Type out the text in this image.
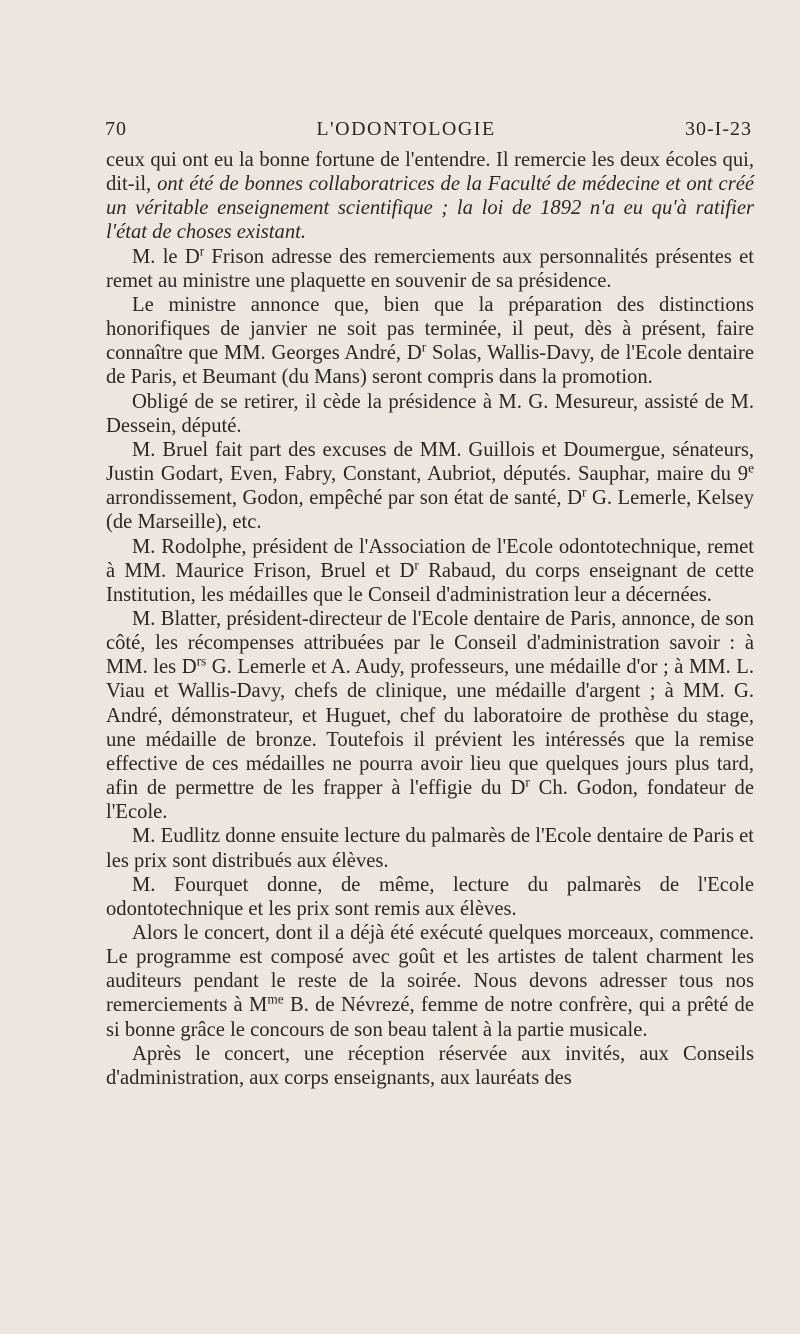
70	L'ODONTOLOGIE	30-I-23

ceux qui ont eu la bonne fortune de l'entendre. Il remercie les deux écoles qui, dit-il, ont été de bonnes collaboratrices de la Faculté de médecine et ont créé un véritable enseignement scientifique ; la loi de 1892 n'a eu qu'à ratifier l'état de choses existant.

M. le $D^r$ Frison adresse des remerciements aux personnalités présentes et remet au ministre une plaquette en souvenir de sa présidence.

Le ministre annonce que, bien que la préparation des distinctions honorifiques de janvier ne soit pas terminée, il peut, dès à présent, faire connaître que MM. Georges André, $D^r$ Solas, Wallis-Davy, de l'Ecole dentaire de Paris, et Beumant (du Mans) seront compris dans la promotion.

Obligé de se retirer, il cède la présidence à M. G. Mesureur, assisté de M. Dessein, député.

M. Bruel fait part des excuses de MM. Guillois et Doumergue, sénateurs, Justin Godart, Even, Fabry, Constant, Aubriot, députés. Sauphar, maire du 9e arrondissement, Godon, empêché par son état de santé, $D^r$ G. Lemerle, Kelsey (de Marseille), etc.

M. Rodolphe, président de l'Association de l'Ecole odontotechnique, remet à MM. Maurice Frison, Bruel et $D^r$ Rabaud, du corps enseignant de cette Institution, les médailles que le Conseil d'administration leur a décernées.

M. Blatter, président-directeur de l'Ecole dentaire de Paris, annonce, de son côté, les récompenses attribuées par le Conseil d'administration savoir : à MM. les $D^{rs}$ G. Lemerle et A. Audy, professeurs, une médaille d'or ; à MM. L. Viau et Wallis-Davy, chefs de clinique, une médaille d'argent ; à MM. G. André, démonstrateur, et Huguet, chef du laboratoire de prothèse du stage, une médaille de bronze. Toutefois il prévient les intéressés que la remise effective de ces médailles ne pourra avoir lieu que quelques jours plus tard, afin de permettre de les frapper à l'effigie du $D^r$ Ch. Godon, fondateur de l'Ecole.

M. Eudlitz donne ensuite lecture du palmarès de l'Ecole dentaire de Paris et les prix sont distribués aux élèves.

M. Fourquet donne, de même, lecture du palmarès de l'Ecole odontotechnique et les prix sont remis aux élèves.

Alors le concert, dont il a déjà été exécuté quelques morceaux, commence. Le programme est composé avec goût et les artistes de talent charment les auditeurs pendant le reste de la soirée. Nous devons adresser tous nos remerciements à $M^{me}$ B. de Névrezé, femme de notre confrère, qui a prêté de si bonne grâce le concours de son beau talent à la partie musicale.

Après le concert, une réception réservée aux invités, aux Conseils d'administration, aux corps enseignants, aux lauréats des
